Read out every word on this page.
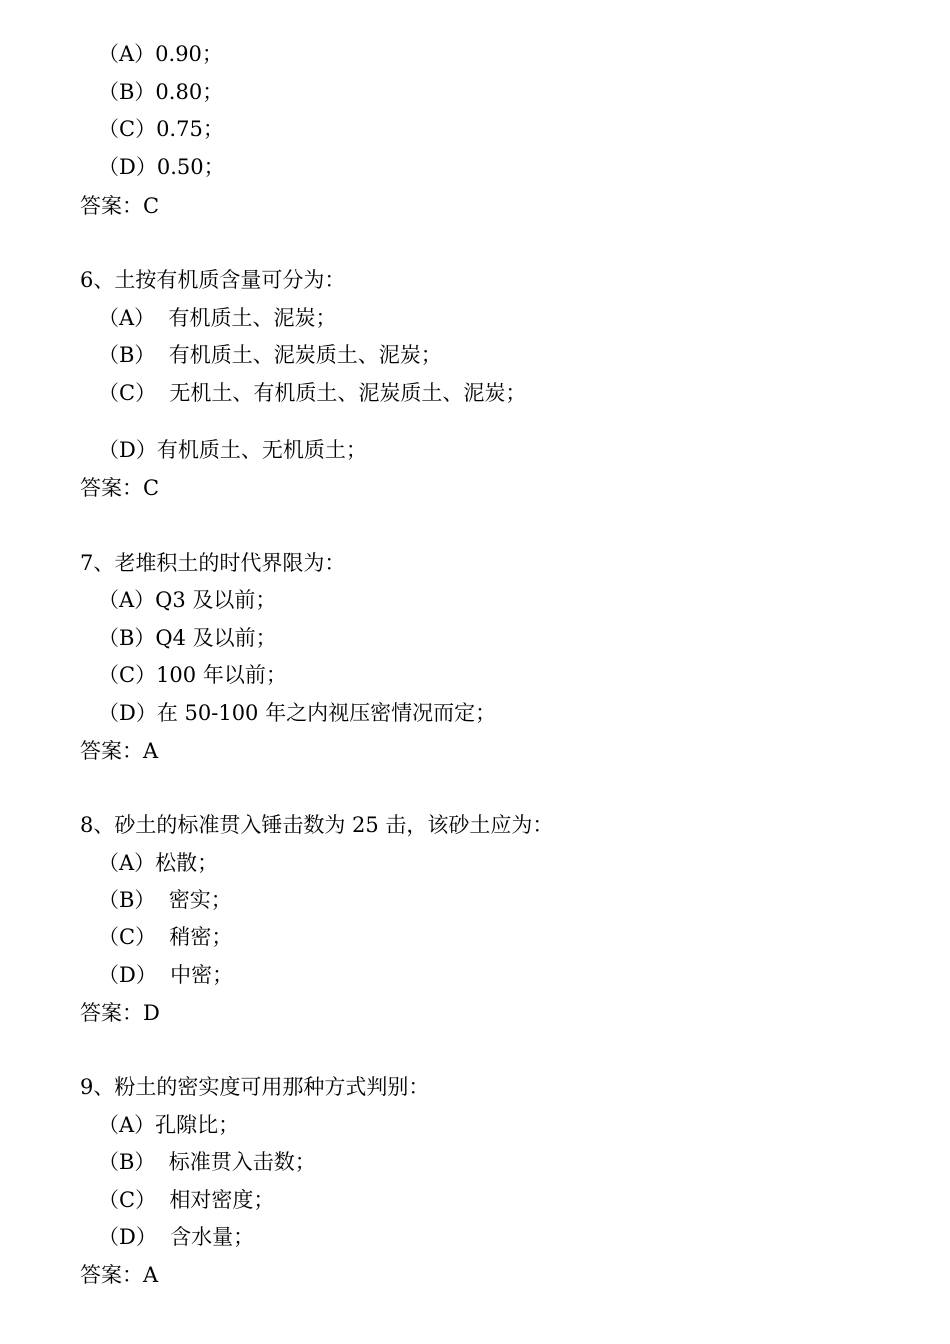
（A）0.90；
（B）0.80；
（C）0.75；
（D）0.50；
答案：C
6、土按有机质含量可分为：
（A）  有机质土、泥炭；
（B）  有机质土、泥炭质土、泥炭；
（C）  无机土、有机质土、泥炭质土、泥炭；
（D）有机质土、无机质土；
答案：C
7、老堆积土的时代界限为：
（A）Q3 及以前；
（B）Q4 及以前；
（C）100 年以前；
（D）在 50-100 年之内视压密情况而定；
答案：A
8、砂土的标准贯入锤击数为 25 击，该砂土应为：
（A）松散；
（B）  密实；
（C）  稍密；
（D）  中密；
答案：D
9、粉土的密实度可用那种方式判别：
（A）孔隙比；
（B）  标准贯入击数；
（C）  相对密度；
（D）  含水量；
答案：A
